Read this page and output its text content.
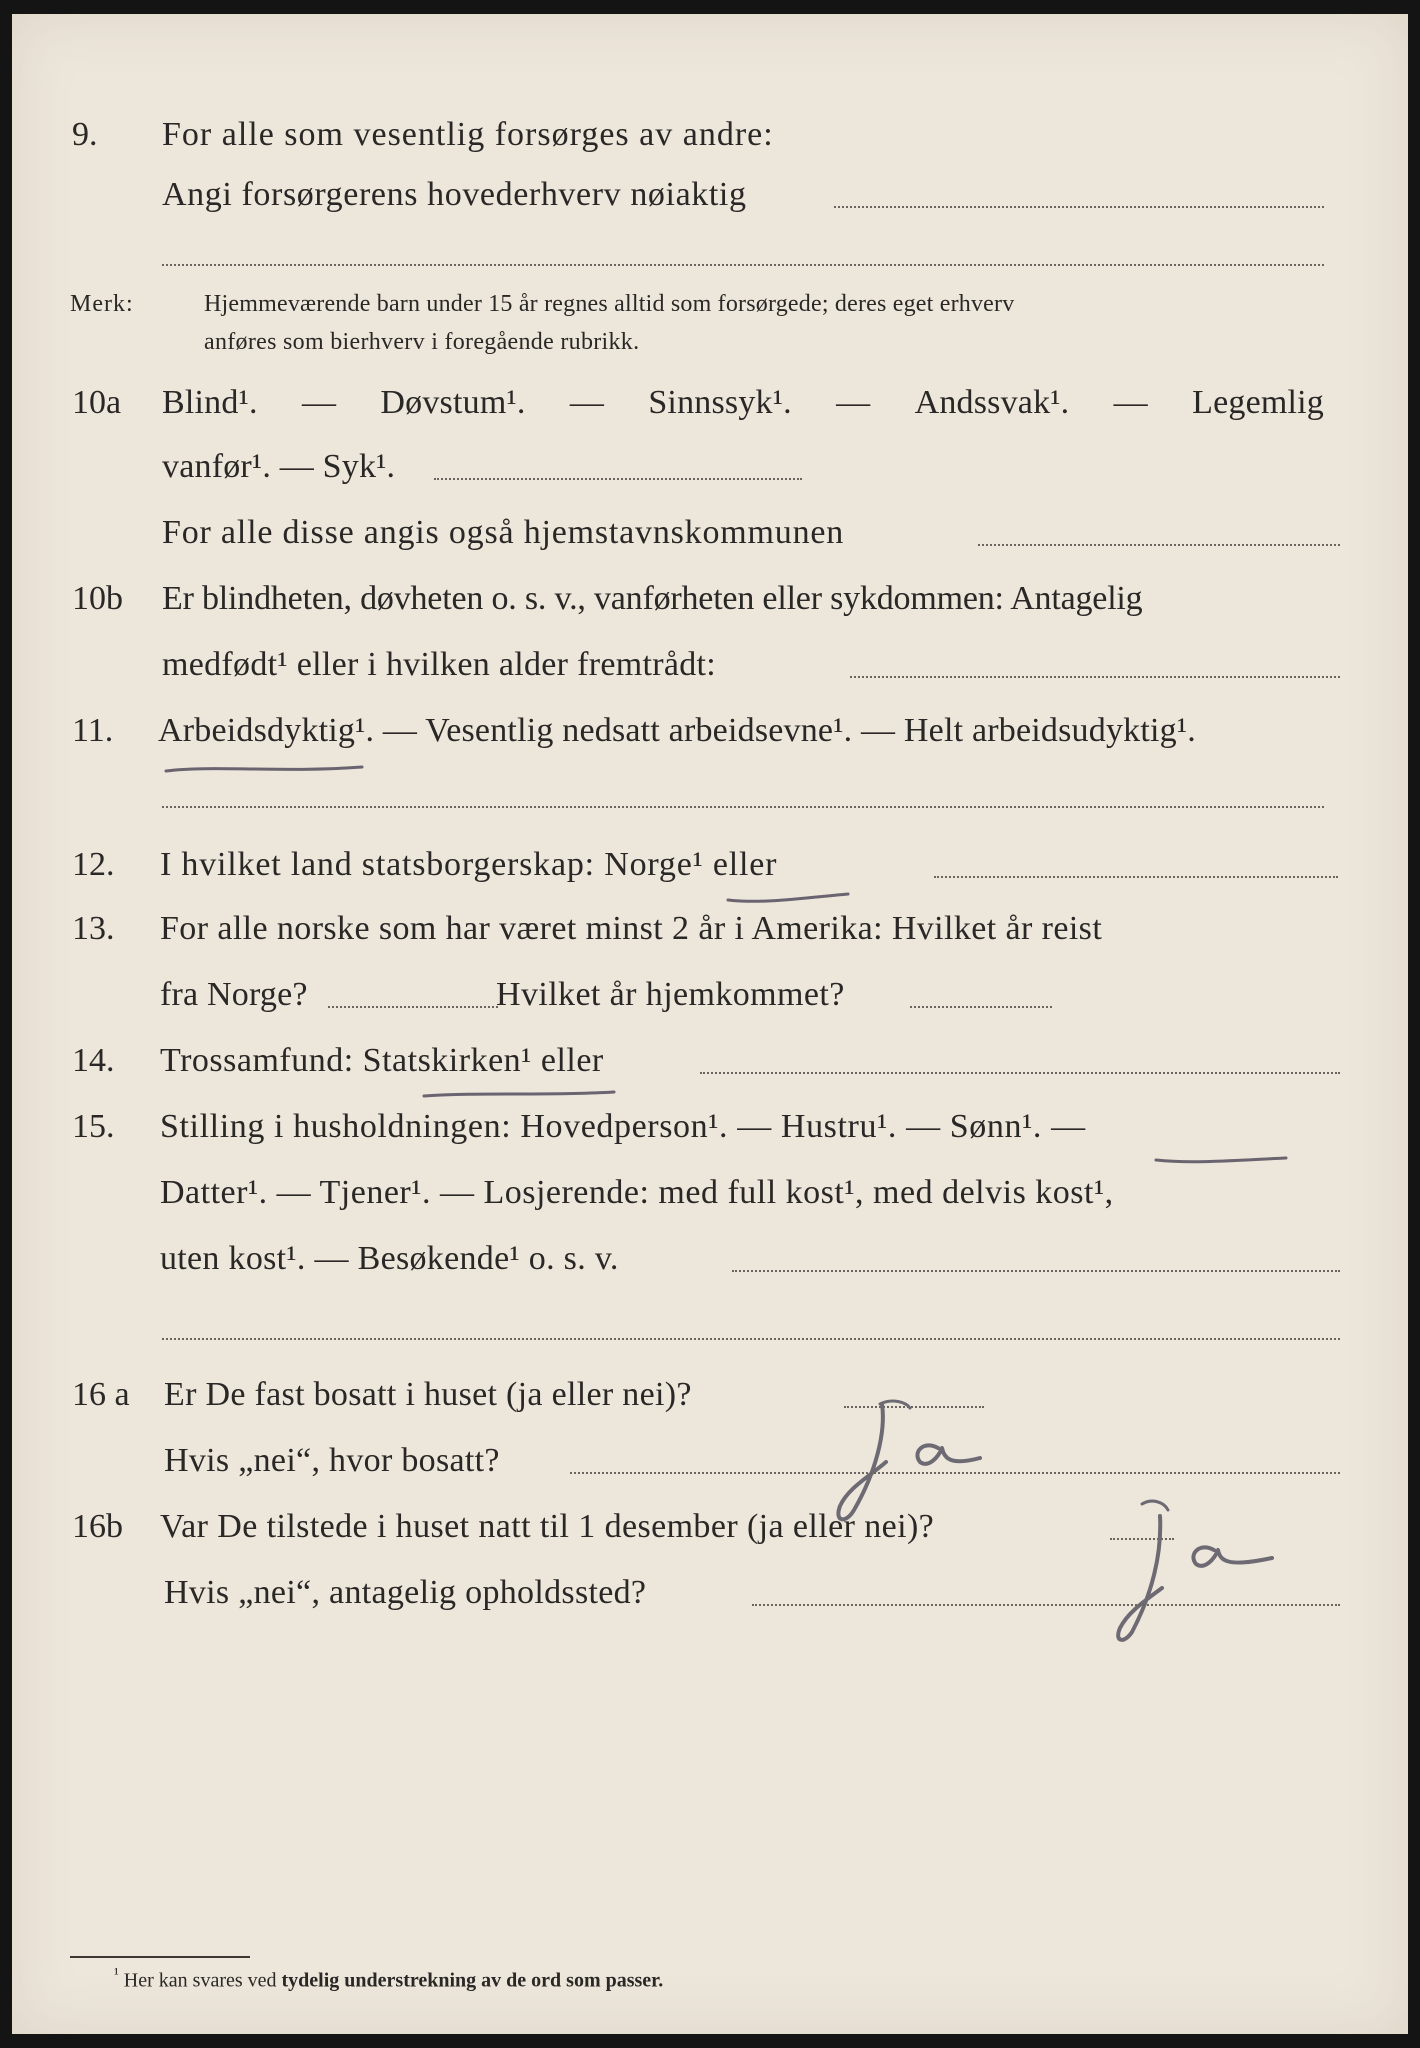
9. For alle som vesentlig forsørges av andre:
Angi forsørgerens hovederhverv nøiaktig
Merk:	Hjemmeværende barn under 15 år regnes alltid som forsørgede; deres eget erhverv
anføres som bierhverv i foregående rubrikk.
10a Blind¹. — Døvstum¹. — Sinnssyk¹. — Andssvak¹. — Legemlig
vanfør¹. — Syk¹.
For alle disse angis også hjemstavnskommunen
10b Er blindheten, døvheten o. s. v., vanførheten eller sykdommen: Antagelig
medfødt¹ eller i hvilken alder fremtrådt:
11. Arbeidsdyktig¹. — Vesentlig nedsatt arbeidsevne¹. — Helt arbeidsudyktig¹.
12. I hvilket land statsborgerskap: Norge¹ eller
13. For alle norske som har været minst 2 år i Amerika: Hvilket år reist
fra Norge?	Hvilket år hjemkommet?
14. Trossamfund: Statskirken¹ eller
15. Stilling i husholdningen: Hovedperson¹. — Hustru¹. — Sønn¹. —
Datter¹. — Tjener¹. — Losjerende: med full kost¹, med delvis kost¹,
uten kost¹. — Besøkende¹ o. s. v.
16 a Er De fast bosatt i huset (ja eller nei)?
Hvis „nei“, hvor bosatt?
16b Var De tilstede i huset natt til 1 desember (ja eller nei)?
Hvis „nei“, antagelig opholdssted?
$^{^1}$ Her kan svares ved tydelig understrekning av de ord som passer.
